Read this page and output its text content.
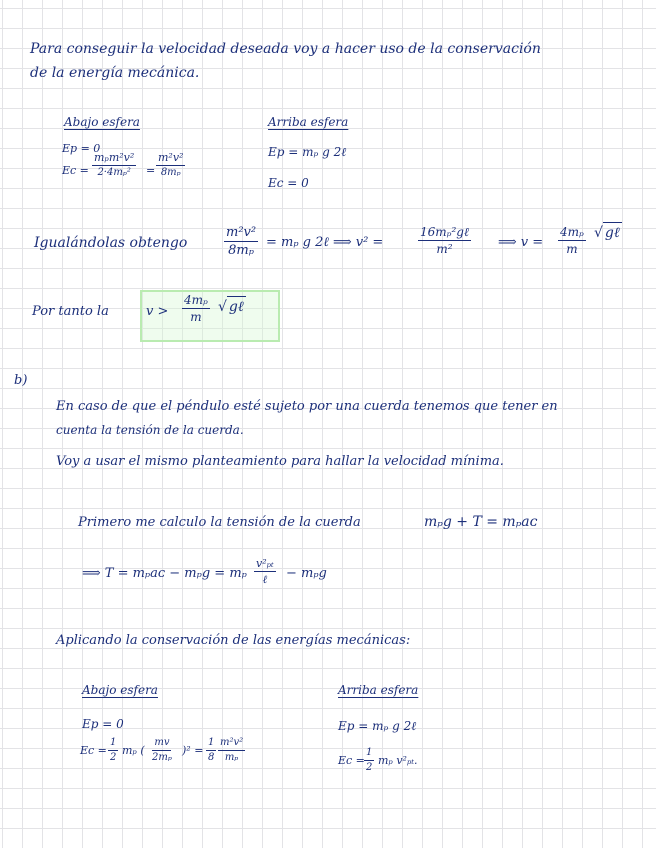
Para conseguir la velocidad deseada voy a hacer uso de la conservación
de la energía mecánica.
Abajo esfera
Ep = 0
Ec =
mₚm²v²
$2\cdot 4m_p^2 = \frac{\text{m²v²}}{\text{8mₚ}}$
Arriba esfera
Ep = mₚ g 2ℓ
Ec = 0
Igualándolas obtengo	$\frac{\text{m²v²}}{\text{8mₚ}} = m_p$ g 2ℓ ⟹ v² =
16mₚ²gℓ
m²	⟹ $v = \frac{\text{4mₚ}}{m}$ √ gℓ
Por tanto la	$v > \frac{\text{4mₚ}}{m}$ √ gℓ
b)
En caso de que el péndulo esté sujeto por una cuerda tenemos que tener en
cuenta la tensión de la cuerda.
Voy a usar el mismo planteamiento para hallar la velocidad mínima.
Primero me calculo la tensión de la cuerda	mₚg + T = mₚaᴄ
⟹ T = mₚaᴄ − mₚg = mₚ
v²ₚₜ
ℓ − mₚg
Aplicando la conservación de las energías mecánicas:
Abajo esfera
Ep = 0
$Ec = \frac{1}{2}$ mₚ ( $\frac{mv}{\text{2mₚ}} )^2 = \frac{1}{8} \frac{\text{m²v²}}{\text{mₚ}}$
Arriba esfera
Ep = mₚ g 2ℓ
$Ec = \frac{1}{2}$ mₚ v²ₚₜ.
